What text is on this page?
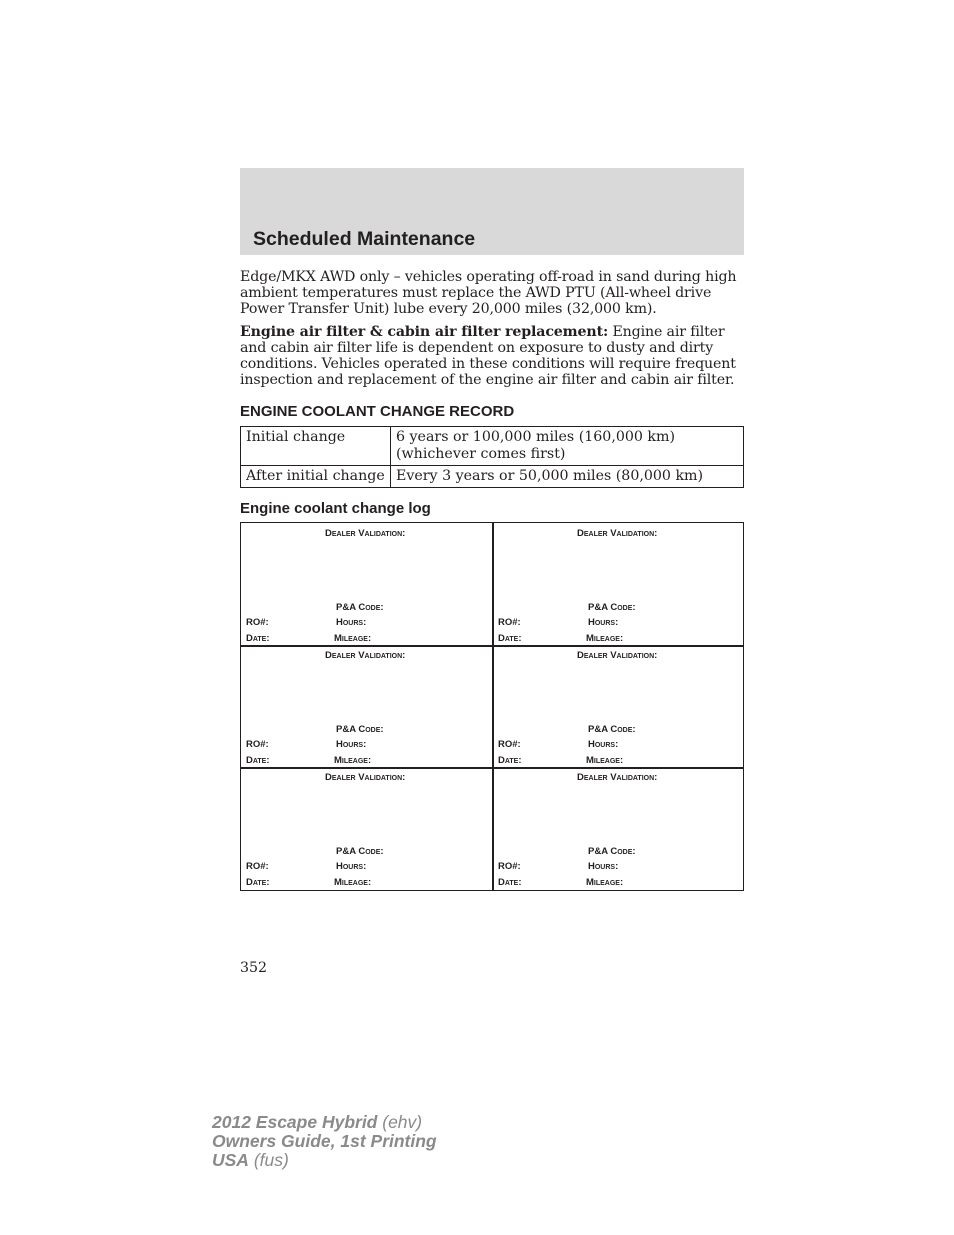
Scheduled Maintenance
Edge/MKX AWD only – vehicles operating off-road in sand during high ambient temperatures must replace the AWD PTU (All-wheel drive Power Transfer Unit) lube every 20,000 miles (32,000 km).
Engine air filter & cabin air filter replacement: Engine air filter and cabin air filter life is dependent on exposure to dusty and dirty conditions. Vehicles operated in these conditions will require frequent inspection and replacement of the engine air filter and cabin air filter.
ENGINE COOLANT CHANGE RECORD
Initial change	6 years or 100,000 miles (160,000 km) (whichever comes first)
After initial change	Every 3 years or 50,000 miles (80,000 km)
Engine coolant change log
Dealer Validation:
P&A Code:
RO#:	Hours:
Date:	Mileage:
Dealer Validation:
P&A Code:
RO#:	Hours:
Date:	Mileage:
Dealer Validation:
P&A Code:
RO#:	Hours:
Date:	Mileage:
Dealer Validation:
P&A Code:
RO#:	Hours:
Date:	Mileage:
Dealer Validation:
P&A Code:
RO#:	Hours:
Date:	Mileage:
Dealer Validation:
P&A Code:
RO#:	Hours:
Date:	Mileage:
352
2012 Escape Hybrid (ehv)
Owners Guide, 1st Printing
USA (fus)
